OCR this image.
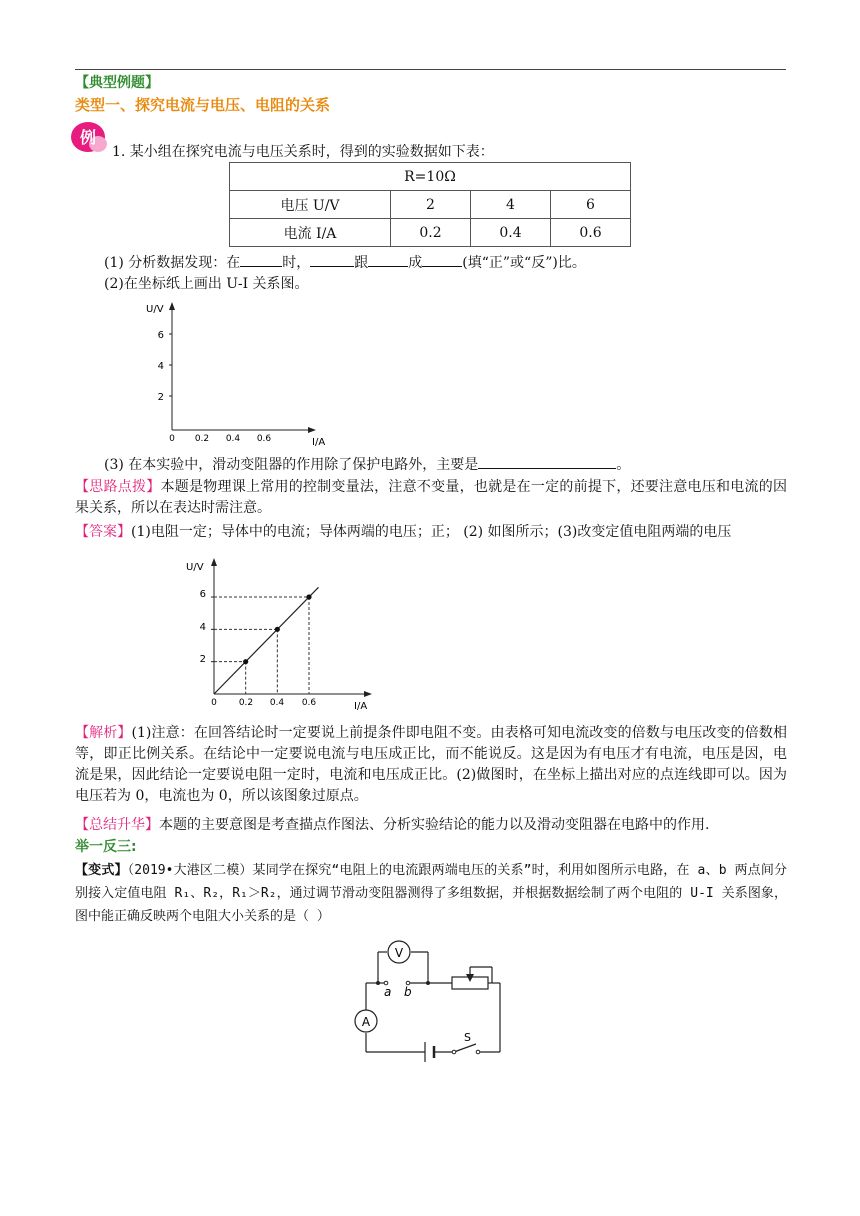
【典型例题】
类型一、探究电流与电压、电阻的关系
例
1. 某小组在探究电流与电压关系时，得到的实验数据如下表：
R=10Ω			
电压 U/V	2	4	6
电流 I/A	0.2	0.4	0.6
(1) 分析数据发现：在	时，	跟	成	(填“正”或“反”)比。
(2)在坐标纸上画出 U-I 关系图。
U/V
I/A
2
4
6
0 0.2 0.4 0.6
(3) 在本实验中，滑动变阻器的作用除了保护电路外，主要是	。
【思路点拨】本题是物理课上常用的控制变量法，注意不变量，也就是在一定的前提下，还要注意电压和电流的因果关系，所以在表达时需注意。
【答案】(1)电阻一定；导体中的电流；导体两端的电压；正； (2) 如图所示；(3)改变定值电阻两端的电压
U/V
I/A
2
4
6
0 0.2 0.4 0.6
【解析】(1)注意：在回答结论时一定要说上前提条件即电阻不变。由表格可知电流改变的倍数与电压改变的倍数相等，即正比例关系。在结论中一定要说电流与电压成正比，而不能说反。这是因为有电压才有电流，电压是因，电流是果，因此结论一定要说电阻一定时，电流和电压成正比。(2)做图时，在坐标上描出对应的点连线即可以。因为电压若为 0，电流也为 0，所以该图象过原点。
【总结升华】本题的主要意图是考查描点作图法、分析实验结论的能力以及滑动变阻器在电路中的作用.
举一反三:
【变式】（2019•大港区二模）某同学在探究“电阻上的电流跟两端电压的关系”时，利用如图所示电路，在 a、b 两点间分别接入定值电阻 R₁、R₂，R₁＞R₂，通过调节滑动变阻器测得了多组数据，并根据数据绘制了两个电阻的 U-I 关系图象，图中能正确反映两个电阻大小关系的是（ ）
V
A
a b
S
